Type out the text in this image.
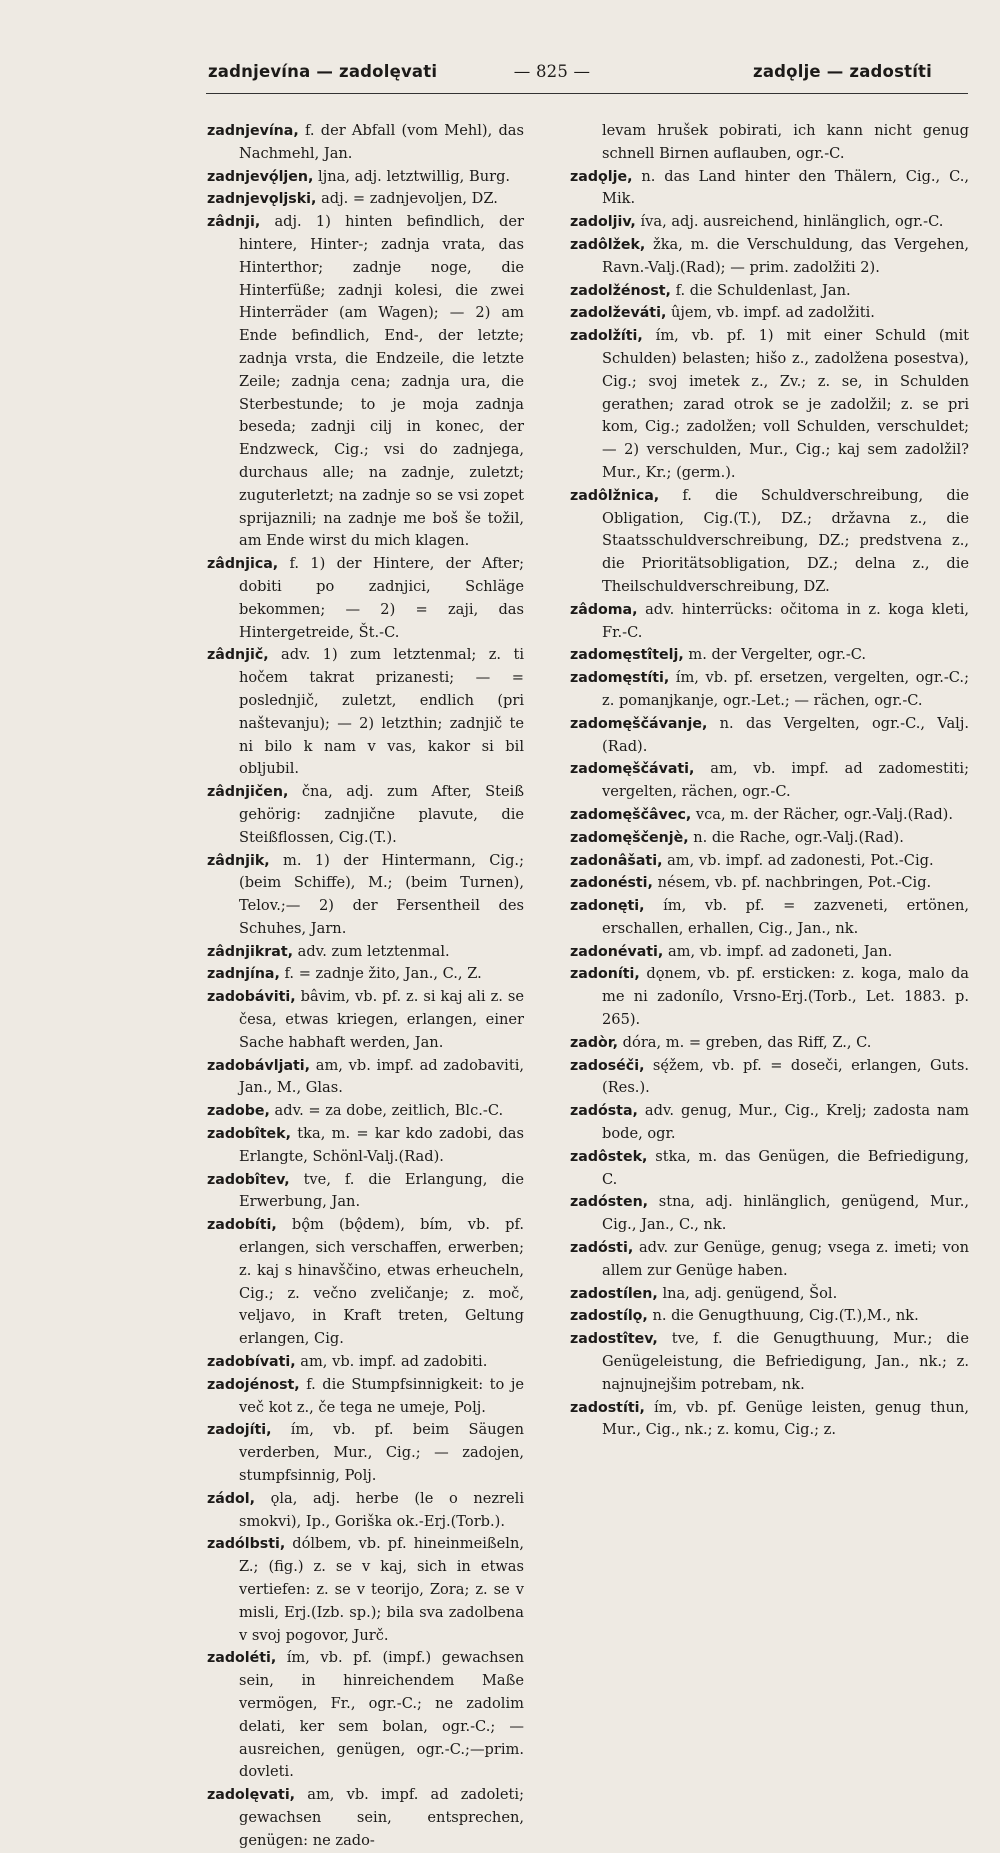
zadnjevína — zadolęvati	— 825 —	zadǫlje — zadostíti

zadnjevína, f. der Abfall (vom Mehl), das Nachmehl, Jan.

zadnjevǫ́ljen, ljna, adj. letztwillig, Burg.

zadnjevǫljski, adj. = zadnjevoljen, DZ.

zâdnji, adj. 1) hinten befindlich, der hintere, Hinter-; zadnja vrata, das Hinterthor; zadnje noge, die Hinterfüße; zadnji kolesi, die zwei Hinterräder (am Wagen); — 2) am Ende befindlich, End-, der letzte; zadnja vrsta, die Endzeile, die letzte Zeile; zadnja cena; zadnja ura, die Sterbestunde; to je moja zadnja beseda; zadnji cilj in konec, der Endzweck, Cig.; vsi do zadnjega, durchaus alle; na zadnje, zuletzt; zuguterletzt; na zadnje so se vsi zopet sprijaznili; na zadnje me boš še tožil, am Ende wirst du mich klagen.

zâdnjica, f. 1) der Hintere, der After; dobiti po zadnjici, Schläge bekommen; — 2) = zaji, das Hintergetreide, Št.-C.

zâdnjič, adv. 1) zum letztenmal; z. ti hočem takrat prizanesti; — = poslednjič, zuletzt, endlich (pri naštevanju); — 2) letzthin; zadnjič te ni bilo k nam v vas, kakor si bil obljubil.

zâdnjičen, čna, adj. zum After, Steiß gehörig: zadnjične plavute, die Steißflossen, Cig.(T.).

zâdnjik, m. 1) der Hintermann, Cig.; (beim Schiffe), M.; (beim Turnen), Telov.;— 2) der Fersentheil des Schuhes, Jarn.

zâdnjikrat, adv. zum letztenmal.

zadnjína, f. = zadnje žito, Jan., C., Z.

zadobáviti, bâvim, vb. pf. z. si kaj ali z. se česa, etwas kriegen, erlangen, einer Sache habhaft werden, Jan.

zadobávljati, am, vb. impf. ad zadobaviti, Jan., M., Glas.

zadobe, adv. = za dobe, zeitlich, Blc.-C.

zadobîtek, tka, m. = kar kdo zadobi, das Erlangte, Schönl-Valj.(Rad).

zadobîtev, tve, f. die Erlangung, die Erwerbung, Jan.

zadobíti, bǫ̂m (bǫ̂dem), bím, vb. pf. erlangen, sich verschaffen, erwerben; z. kaj s hinavščino, etwas erheucheln, Cig.; z. večno zveličanje; z. moč, veljavo, in Kraft treten, Geltung erlangen, Cig.

zadobívati, am, vb. impf. ad zadobiti.

zadojénost, f. die Stumpfsinnigkeit: to je več kot z., če tega ne umeje, Polj.

zadojíti, ím, vb. pf. beim Säugen verderben, Mur., Cig.; — zadojen, stumpfsinnig, Polj.

zádol, ǫla, adj. herbe (le o nezreli smokvi), Ip., Goriška ok.-Erj.(Torb.).

zadólbsti, dólbem, vb. pf. hineinmeißeln, Z.; (fig.) z. se v kaj, sich in etwas vertiefen: z. se v teorijo, Zora; z. se v misli, Erj.(Izb. sp.); bila sva zadolbena v svoj pogovor, Jurč.

zadoléti, ím, vb. pf. (impf.) gewachsen sein, in hinreichendem Maße vermögen, Fr., ogr.-C.; ne zadolim delati, ker sem bolan, ogr.-C.; — ausreichen, genügen, ogr.-C.;—prim. dovleti.

zadolęvati, am, vb. impf. ad zadoleti; gewachsen sein, entsprechen, genügen: ne zado-

levam hrušek pobirati, ich kann nicht genug schnell Birnen auflauben, ogr.-C.

zadǫlje, n. das Land hinter den Thälern, Cig., C., Mik.

zadoljiv, íva, adj. ausreichend, hinlänglich, ogr.-C.

zadôlžek, žka, m. die Verschuldung, das Vergehen, Ravn.-Valj.(Rad); — prim. zadolžiti 2).

zadolžénost, f. die Schuldenlast, Jan.

zadolževáti, ûjem, vb. impf. ad zadolžiti.

zadolžíti, ím, vb. pf. 1) mit einer Schuld (mit Schulden) belasten; hišo z., zadolžena posestva), Cig.; svoj imetek z., Zv.; z. se, in Schulden gerathen; zarad otrok se je zadolžil; z. se pri kom, Cig.; zadolžen; voll Schulden, verschuldet; — 2) verschulden, Mur., Cig.; kaj sem zadolžil? Mur., Kr.; (germ.).

zadôlžnica, f. die Schuldverschreibung, die Obligation, Cig.(T.), DZ.; državna z., die Staatsschuldverschreibung, DZ.; predstvena z., die Prioritätsobligation, DZ.; delna z., die Theilschuldverschreibung, DZ.

zâdoma, adv. hinterrücks: očitoma in z. koga kleti, Fr.-C.

zadomęstîtelj, m. der Vergelter, ogr.-C.

zadomęstíti, ím, vb. pf. ersetzen, vergelten, ogr.-C.; z. pomanjkanje, ogr.-Let.; — rächen, ogr.-C.

zadomęščávanje, n. das Vergelten, ogr.-C., Valj.(Rad).

zadomęščávati, am, vb. impf. ad zadomestiti; vergelten, rächen, ogr.-C.

zadomęščâvec, vca, m. der Rächer, ogr.-Valj.(Rad).

zadomęščenjè, n. die Rache, ogr.-Valj.(Rad).

zadonâšati, am, vb. impf. ad zadonesti, Pot.-Cig.

zadonésti, nésem, vb. pf. nachbringen, Pot.-Cig.

zadonęti, ím, vb. pf. = zazveneti, ertönen, erschallen, erhallen, Cig., Jan., nk.

zadonévati, am, vb. impf. ad zadoneti, Jan.

zadoníti, dǫnem, vb. pf. ersticken: z. koga, malo da me ni zadonílo, Vrsno-Erj.(Torb., Let. 1883. p. 265).

zadòr, dóra, m. = greben, das Riff, Z., C.

zadoséči, sę́žem, vb. pf. = doseči, erlangen, Guts.(Res.).

zadósta, adv. genug, Mur., Cig., Krelj; zadosta nam bode, ogr.

zadôstek, stka, m. das Genügen, die Befriedigung, C.

zadósten, stna, adj. hinlänglich, genügend, Mur., Cig., Jan., C., nk.

zadósti, adv. zur Genüge, genug; vsega z. imeti; von allem zur Genüge haben.

zadostílen, lna, adj. genügend, Šol.

zadostílǫ, n. die Genugthuung, Cig.(T.),M., nk.

zadostîtev, tve, f. die Genugthuung, Mur.; die Genügeleistung, die Befriedigung, Jan., nk.; z. najnujnejšim potrebam, nk.

zadostíti, ím, vb. pf. Genüge leisten, genug thun, Mur., Cig., nk.; z. komu, Cig.; z.
